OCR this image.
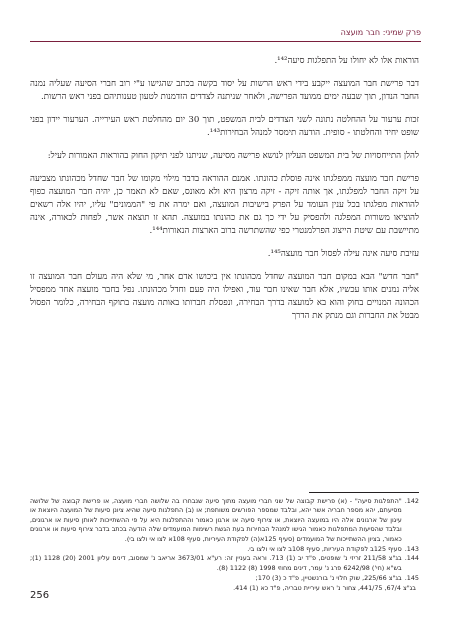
פרק שמיני: חבר מועצה

הוראות אלו לא יחולו על התפלגות סיעה¹⁴².

דבר פרישת חבר המועצה ייקבע בידי ראש הרשות על יסוד בקשה בכתב שהגישו ע"י רוב חברי הסיעה שעליה נמנה החבר הנדון, תוך שבעה ימים ממועד הפרישה, ולאחר שניתנה לצדדים הזדמנות לטעון טענותיהם בפני ראש הרשות.

זכות ערעור על ההחלטה נתונה לשני הצדדים לבית המשפט, תוך 30 יום מהחלטת ראש העירייה. הערעור יידון בפני שופט יחיד והחלטתו - סופית. הודעה תימסר למנהל הבחירות¹⁴³.

להלן התייחסויות של בית המשפט העליון לנושא פרישה מסיעה, שניתנו לפני תיקון החוק בהוראות האמורות לעיל:

פרישת חבר מועצה ממפלגתו אינה פוסלת כהונתו. אמנם ההוראה בדבר מילוי מקומו של חבר שחדל מכהונתו מצביעה על זיקה החבר למפלגתו, אך אותה זיקה - זיקה מרצון היא ולא מאונס, שאם לא תאמר כן, יהיה חבר המועצה כפוף להוראות מפלגתו בכל ענין העומד על הפרק בישיבות המועצה, ואם ימרה את פי "הממונים" עליו, יהיו אלה רשאים להוציאו משורות המפלגה ולהפסיק על ידי כך גם את כהונתו במועצה. תהא זו תוצאה אשר, לפחות לכאורה, אינה מתיישבת עם שיטת הייצוג הפרלמנטרי כפי שהשתרשה ברוב הארצות הנאורות¹⁴⁴.

עזיבת סיעה אינה עילה לפסול חבר מועצה¹⁴⁵.

"חבר חדש" הבא במקום חבר המועצה שחדל מכהונתו אין ביכושו אדם אחר, מי שלא היה מעולם חבר המועצה זו אליה נמנים אותו עכשיו, אלא חבר שאינו חבר עוד, ואפילו היה פעם וחדל מכהונתו. נפל בחבר מועצה אחד ממפסיל הכהונה המנויים בחוק והוא בא למועצה בדרך הבחירה, ונפסלת חברותו באותה מועצה בתוקף הבחירה, כלומר הפסול מבטל את החברות וגם מנתק את הדרך

142.
"התפלגות סיעה" - (א) פרישת קבוצה של שני חברי מועצה מתוך סיעה שנבחרו בה שלושה חברי מועצה, או פרישת קבוצה של שלושה מסיעתם, יהא מספר חבריה אשר יהא, ובלבד שמספר הפורשים משותפת; או (ב) התפלגות סיעה שהיא ציונן סיעות של המועצה היוצאת או עיגון של ארגונים אלה היו במועצה היוצאת, או צירוף סיעה או ארגון כאמור וההתפלגות היא על פי ההשתייכות לאותן סיעות או ארגונים, ובלבד שהסיעות המתפלגות כאמור הגישו למנהל הבחירות בעת הגשת רשימות המועמדים שלה הודעה בכתב בדבר צירוף סיעות או ארגונים כאמור, בציון ההשתייכות של המועמדים (סעיף 125א(ה) לפקודת העיריות, סעיף 108א לצו אי ולצו בי).
143.
סעיף 125ב לפקודת העיריות, סעיף 108ב לצו אי ולצו בי.
144.
בג"צ 211/58 זריזי נ' שופטים, פ"ד יב (1) 713. וראה בעניין זה: רע"א 3673/01 אריאב נ' שמסוב, דינים עליון 2001 (20) 1128 (1); בש"א (חי') 6242/98 פרג נ' עמר, דינים מחוזי 1998 (8) 1122 (8).
145.
בג"צ 225/66, שוק חלוי נ' בורנשטיין, פ"ד כ (3) 170;
בג"צ 67/4, 441/75, צחור נ' ראש עיריית טבריה, פ"ד כא (1) 414.
256
